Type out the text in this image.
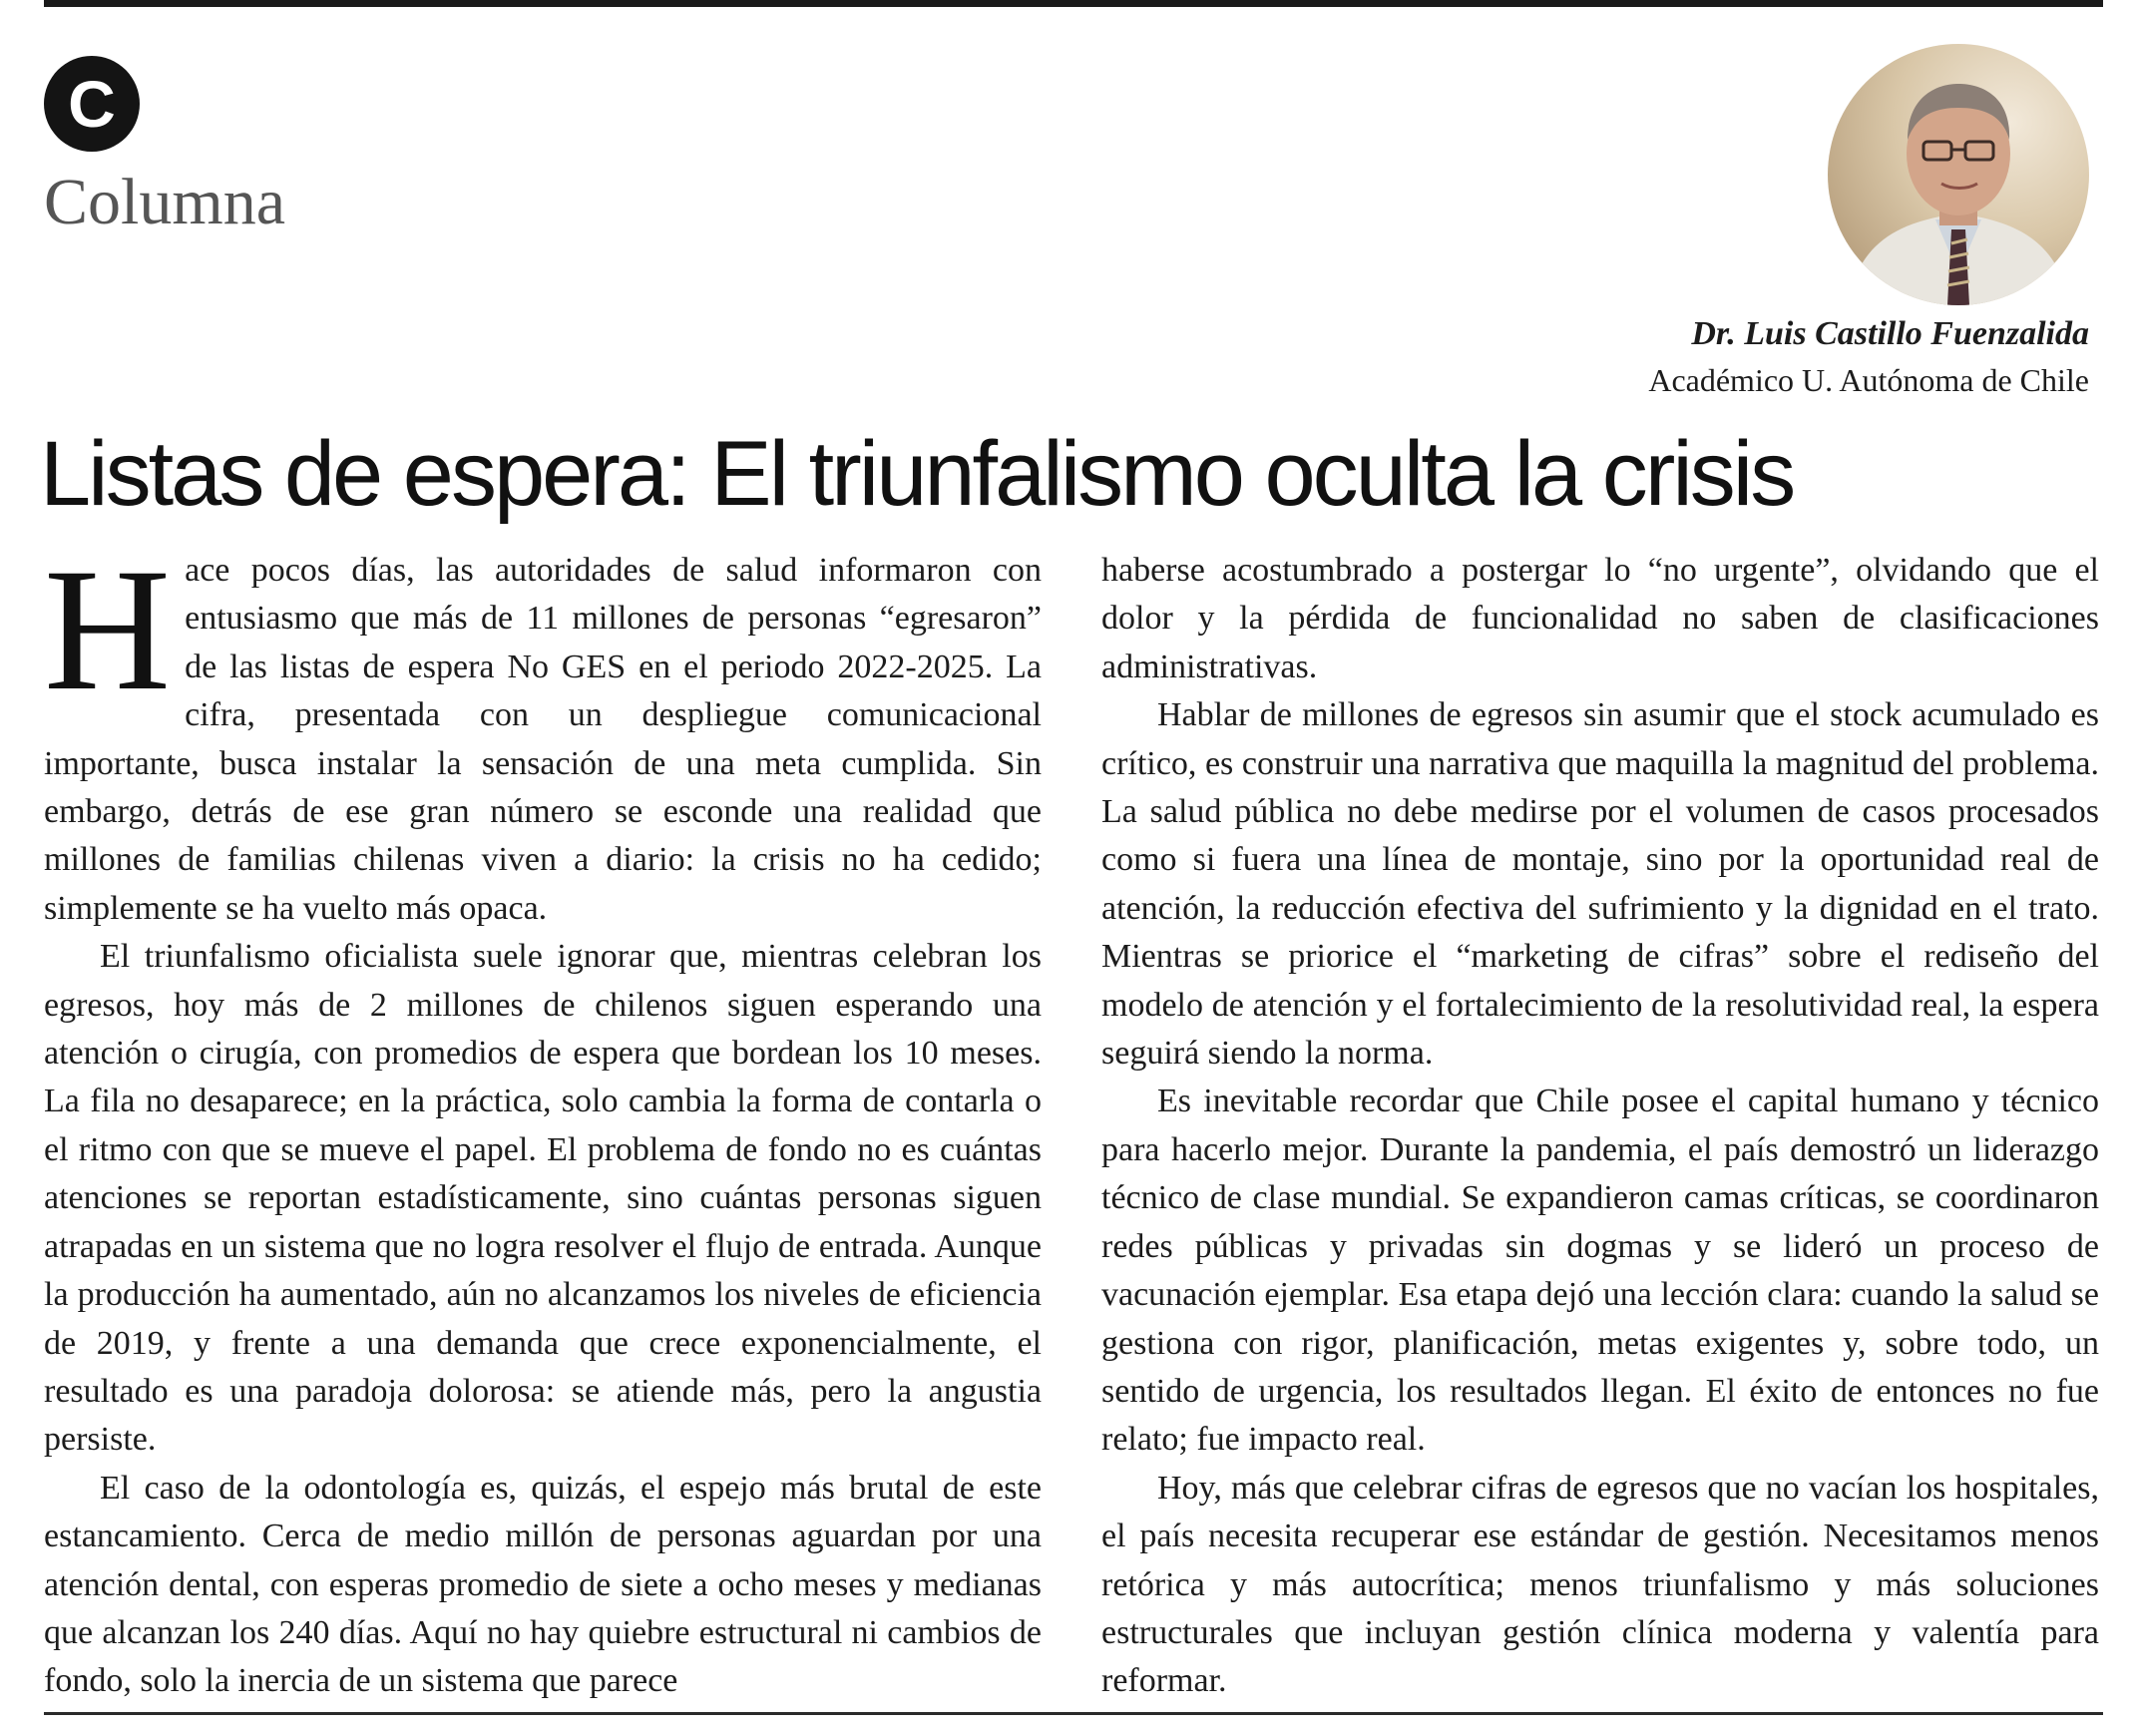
C
Columna
Dr. Luis Castillo Fuenzalida
Académico U. Autónoma de Chile
Listas de espera: El triunfalismo oculta la crisis

Hace pocos días, las autoridades de salud informaron con entusiasmo que más de 11 millones de personas “egresaron” de las listas de espera No GES en el periodo 2022-2025. La cifra, presentada con un despliegue comunicacional importante, busca instalar la sensación de una meta cumplida. Sin embargo, detrás de ese gran número se esconde una realidad que millones de familias chilenas viven a diario: la crisis no ha cedido; simplemente se ha vuelto más opaca.

El triunfalismo oficialista suele ignorar que, mientras celebran los egresos, hoy más de 2 millones de chilenos siguen esperando una atención o cirugía, con promedios de espera que bordean los 10 meses. La fila no desaparece; en la práctica, solo cambia la forma de contarla o el ritmo con que se mueve el papel. El problema de fondo no es cuántas atenciones se reportan estadísticamente, sino cuántas personas siguen atrapadas en un sistema que no logra resolver el flujo de entrada. Aunque la producción ha aumentado, aún no alcanzamos los niveles de eficiencia de 2019, y frente a una demanda que crece exponencialmente, el resultado es una paradoja dolorosa: se atiende más, pero la angustia persiste.

El caso de la odontología es, quizás, el espejo más brutal de este estancamiento. Cerca de medio millón de personas aguardan por una atención dental, con esperas promedio de siete a ocho meses y medianas que alcanzan los 240 días. Aquí no hay quiebre estructural ni cambios de fondo, solo la inercia de un sistema que parece

haberse acostumbrado a postergar lo “no urgente”, olvidando que el dolor y la pérdida de funcionalidad no saben de clasificaciones administrativas.

Hablar de millones de egresos sin asumir que el stock acumulado es crítico, es construir una narrativa que maquilla la magnitud del problema. La salud pública no debe medirse por el volumen de casos procesados como si fuera una línea de montaje, sino por la oportunidad real de atención, la reducción efectiva del sufrimiento y la dignidad en el trato. Mientras se priorice el “marketing de cifras” sobre el rediseño del modelo de atención y el fortalecimiento de la resolutividad real, la espera seguirá siendo la norma.

Es inevitable recordar que Chile posee el capital humano y técnico para hacerlo mejor. Durante la pandemia, el país demostró un liderazgo técnico de clase mundial. Se expandieron camas críticas, se coordinaron redes públicas y privadas sin dogmas y se lideró un proceso de vacunación ejemplar. Esa etapa dejó una lección clara: cuando la salud se gestiona con rigor, planificación, metas exigentes y, sobre todo, un sentido de urgencia, los resultados llegan. El éxito de entonces no fue relato; fue impacto real.

Hoy, más que celebrar cifras de egresos que no vacían los hospitales, el país necesita recuperar ese estándar de gestión. Necesitamos menos retórica y más autocrítica; menos triunfalismo y más soluciones estructurales que incluyan gestión clínica moderna y valentía para reformar.
